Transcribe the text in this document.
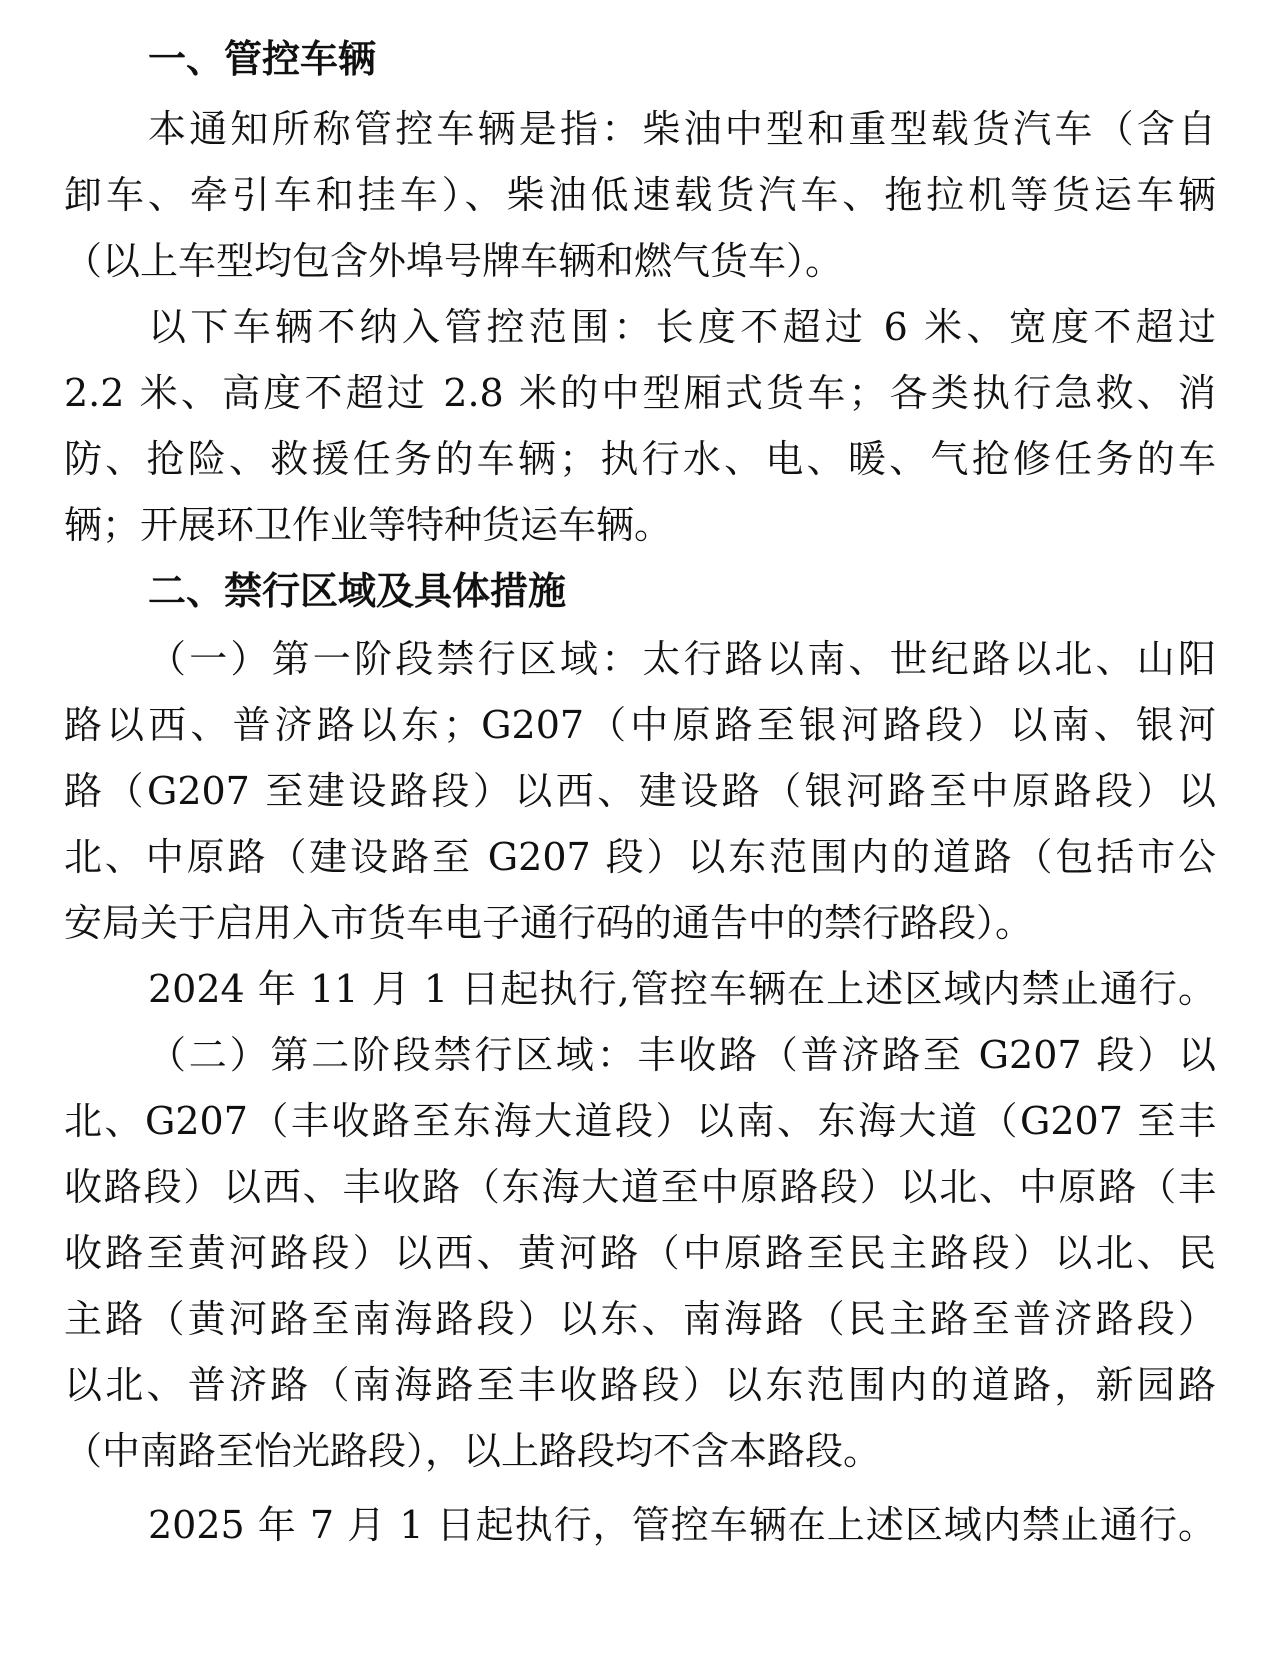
一、管控车辆
本通知所称管控车辆是指：柴油中型和重型载货汽车（含自
卸车、牵引车和挂车）、柴油低速载货汽车、拖拉机等货运车辆
（以上车型均包含外埠号牌车辆和燃气货车）。
以下车辆不纳入管控范围：长度不超过 6 米、宽度不超过
2.2 米、高度不超过 2.8 米的中型厢式货车；各类执行急救、消
防、抢险、救援任务的车辆；执行水、电、暖、气抢修任务的车
辆；开展环卫作业等特种货运车辆。
二、禁行区域及具体措施
（一）第一阶段禁行区域：太行路以南、世纪路以北、山阳
路以西、普济路以东；G207（中原路至银河路段）以南、银河
路（G207 至建设路段）以西、建设路（银河路至中原路段）以
北、中原路（建设路至 G207 段）以东范围内的道路（包括市公
安局关于启用入市货车电子通行码的通告中的禁行路段）。
2024 年 11 月 1 日起执行,管控车辆在上述区域内禁止通行。
（二）第二阶段禁行区域：丰收路（普济路至 G207 段）以
北、G207（丰收路至东海大道段）以南、东海大道（G207 至丰
收路段）以西、丰收路（东海大道至中原路段）以北、中原路（丰
收路至黄河路段）以西、黄河路（中原路至民主路段）以北、民
主路（黄河路至南海路段）以东、南海路（民主路至普济路段）
以北、普济路（南海路至丰收路段）以东范围内的道路，新园路
（中南路至怡光路段），以上路段均不含本路段。
2025 年 7 月 1 日起执行，管控车辆在上述区域内禁止通行。
